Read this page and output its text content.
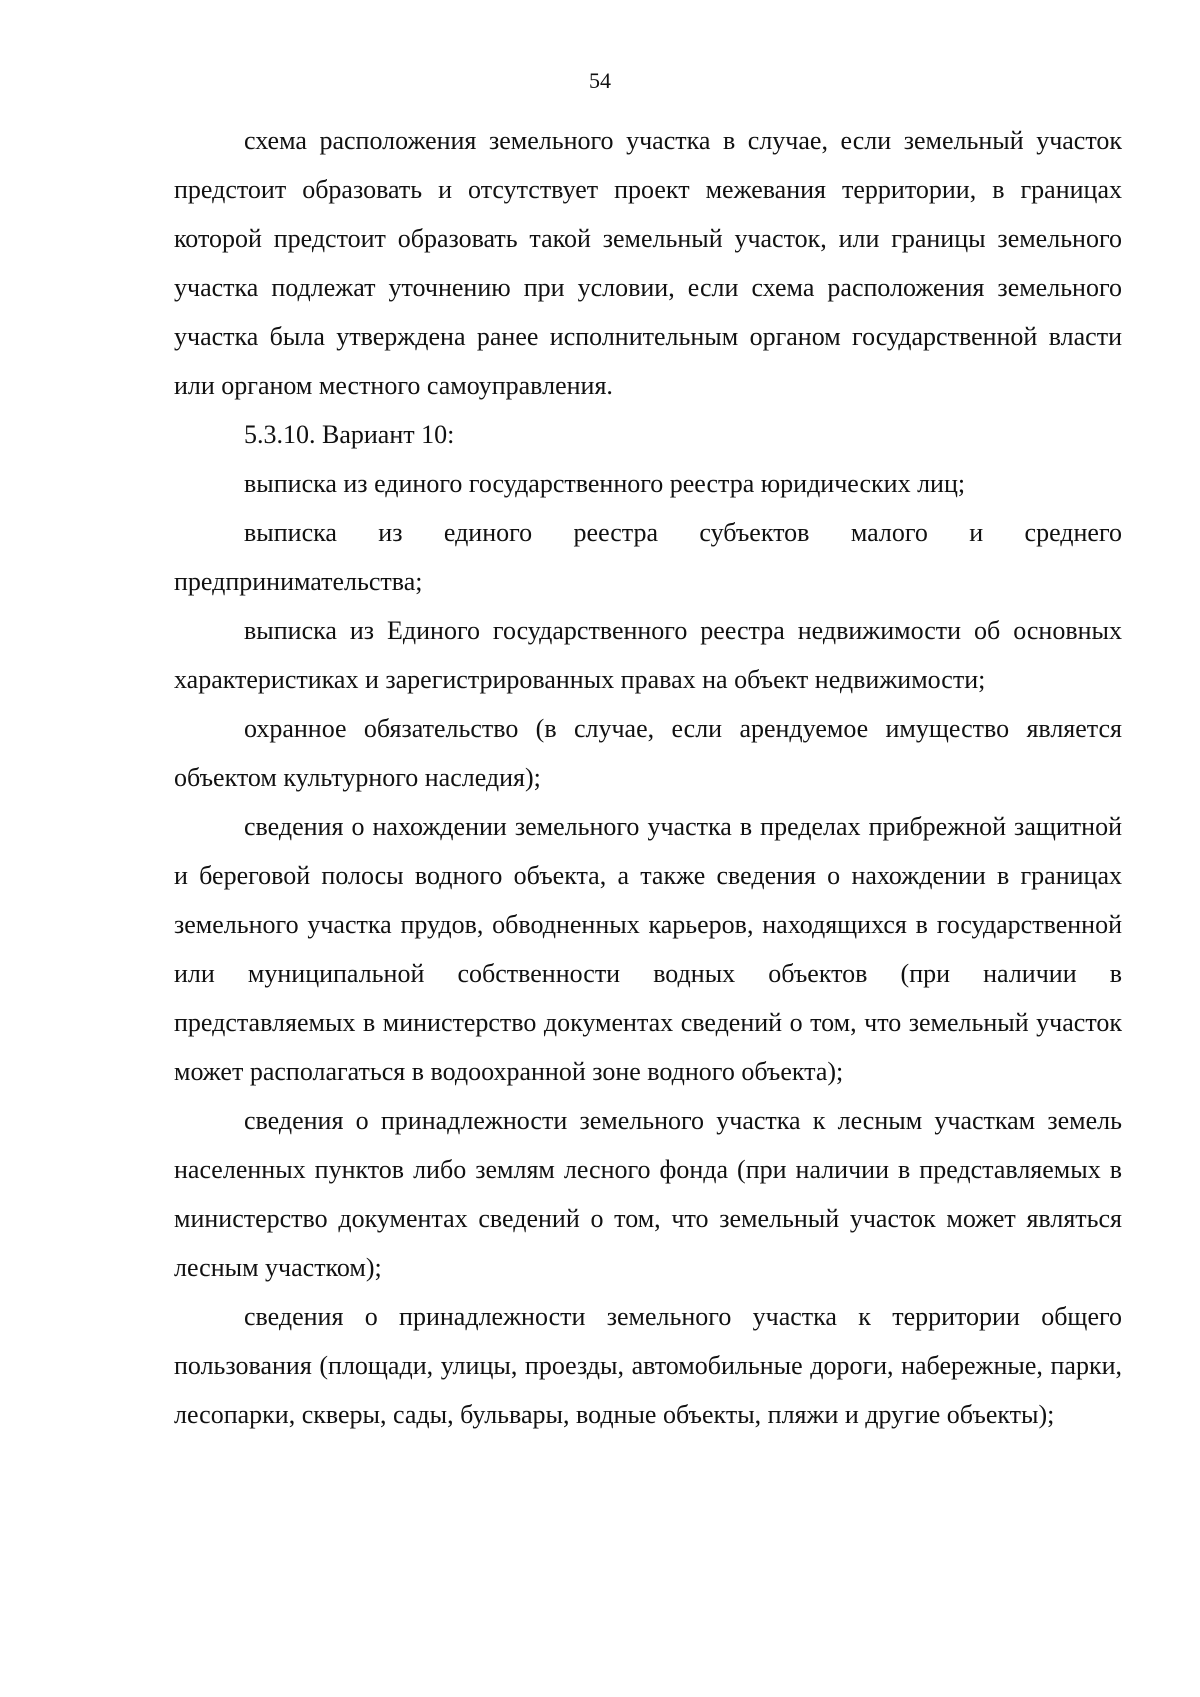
54

схема расположения земельного участка в случае, если земельный участок предстоит образовать и отсутствует проект межевания территории, в границах которой предстоит образовать такой земельный участок, или границы земельного участка подлежат уточнению при условии, если схема расположения земельного участка была утверждена ранее исполнительным органом государственной власти или органом местного самоуправления.

5.3.10. Вариант 10:

выписка из единого государственного реестра юридических лиц;

выписка из единого реестра субъектов малого и среднего предпринимательства;

выписка из Единого государственного реестра недвижимости об основных характеристиках и зарегистрированных правах на объект недвижимости;

охранное обязательство (в случае, если арендуемое имущество является объектом культурного наследия);

сведения о нахождении земельного участка в пределах прибрежной защитной и береговой полосы водного объекта, а также сведения о нахождении в границах земельного участка прудов, обводненных карьеров, находящихся в государственной или муниципальной собственности водных объектов (при наличии в представляемых в министерство документах сведений о том, что земельный участок может располагаться в водоохранной зоне водного объекта);

сведения о принадлежности земельного участка к лесным участкам земель населенных пунктов либо землям лесного фонда (при наличии в представляемых в министерство документах сведений о том, что земельный участок может являться лесным участком);

сведения о принадлежности земельного участка к территории общего пользования (площади, улицы, проезды, автомобильные дороги, набережные, парки, лесопарки, скверы, сады, бульвары, водные объекты, пляжи и другие объекты);
